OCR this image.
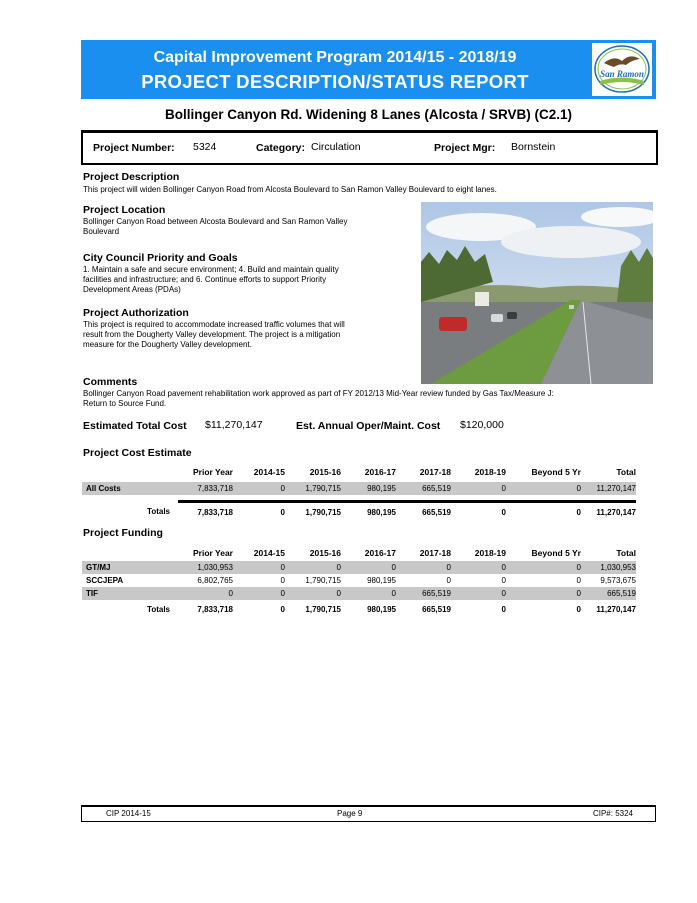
Capital Improvement Program 2014/15 - 2018/19
PROJECT DESCRIPTION/STATUS REPORT	San Ramon
Bollinger Canyon Rd. Widening 8 Lanes (Alcosta / SRVB) (C2.1)
Project Number: 5324	Category: Circulation	Project Mgr: Bornstein
Project Description
This project will widen Bollinger Canyon Road from Alcosta Boulevard to San Ramon Valley Boulevard to eight lanes.
Project Location
Bollinger Canyon Road between Alcosta Boulevard and San Ramon Valley
Boulevard
City Council Priority and Goals
1. Maintain a safe and secure environment; 4. Build and maintain quality
facilities and infrastructure; and 6. Continue efforts to support Priority
Development Areas (PDAs)
Project Authorization
This project is required to accommodate increased traffic volumes that will
result from the Dougherty Valley development. The project is a mitigation
measure for the Dougherty Valley development.
Comments
Bollinger Canyon Road pavement rehabilitation work approved as part of FY 2012/13 Mid-Year review funded by Gas Tax/Measure J:
Return to Source Fund.
Estimated Total Cost $11,270,147	Est. Annual Oper/Maint. Cost $120,000
Project Cost Estimate
	Prior Year	2014-15	2015-16	2016-17	2017-18	2018-19	Beyond 5 Yr	Total

All Costs	7,833,718	0	1,790,715	980,195	665,519	0	0	11,270,147

Totals	7,833,718	0	1,790,715	980,195	665,519	0	0	11,270,147
Project Funding
	Prior Year	2014-15	2015-16	2016-17	2017-18	2018-19	Beyond 5 Yr	Total

GT/MJ	1,030,953	0	0	0	0	0	0	1,030,953
SCCJEPA	6,802,765	0	1,790,715	980,195	0	0	0	9,573,675
TIF	0	0	0	0	665,519	0	0	665,519
Totals	7,833,718	0	1,790,715	980,195	665,519	0	0	11,270,147
CIP 2014-15	Page 9	CIP#: 5324
